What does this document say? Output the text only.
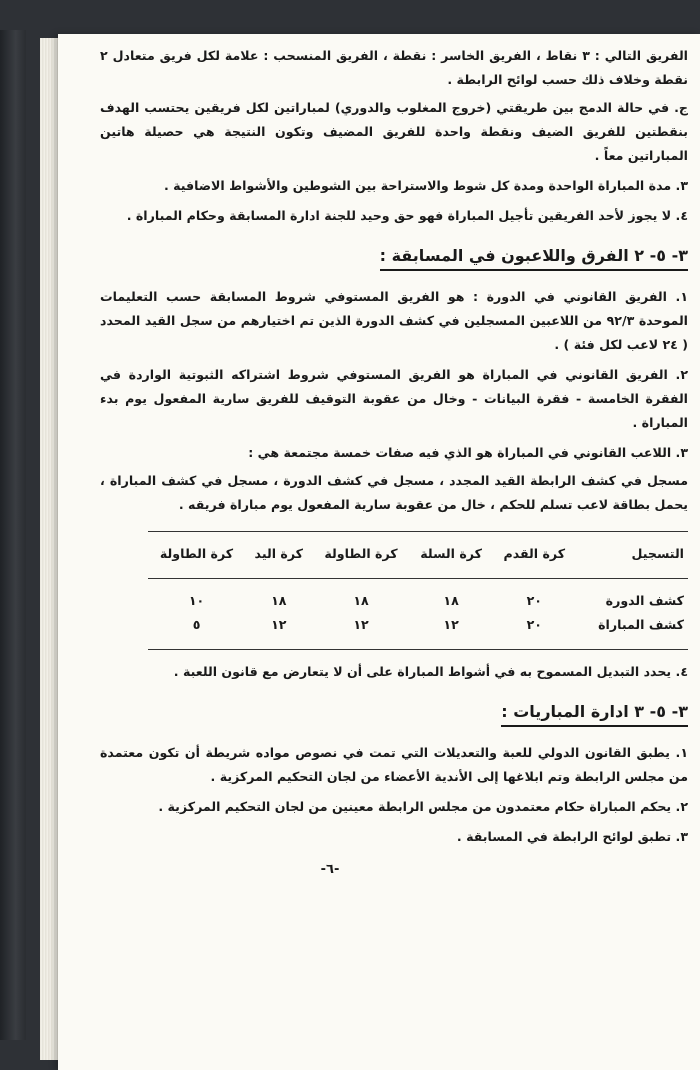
الفريق التالي : ٣ نقاط ، الفريق الخاسر : نقطة ، الفريق المنسحب : علامة لكل فريق متعادل ٢ نقطة وخلاف ذلك حسب لوائح الرابطة .

ج. في حالة الدمج بين طريقتي (خروج المغلوب والدوري) لمباراتين لكل فريقين يحتسب الهدف بنقطتين للفريق الضيف ونقطة واحدة للفريق المضيف وتكون النتيجة هي حصيلة هاتين المباراتين معاً .

٣. مدة المباراة الواحدة ومدة كل شوط والاستراحة بين الشوطين والأشواط الاضافية .

٤. لا يجوز لأحد الفريقين تأجيل المباراة فهو حق وحيد للجنة ادارة المسابقة وحكام المباراة .

٣- ٥- ٢ الفرق واللاعبون في المسابقة :

١. الفريق القانوني في الدورة : هو الفريق المستوفي شروط المسابقة حسب التعليمات الموحدة ٩٢/٣ من اللاعبين المسجلين في كشف الدورة الذين تم اختيارهم من سجل القيد المحدد ( ٢٤ لاعب لكل فئة ) .

٢. الفريق القانوني في المباراة هو الفريق المستوفي شروط اشتراكه الثبوتية الواردة في الفقرة الخامسة - فقرة البيانات - وخال من عقوبة التوقيف للفريق سارية المفعول يوم بدء المباراة .

٣. اللاعب القانوني في المباراة هو الذي فيه صفات خمسة مجتمعة هي :

مسجل في كشف الرابطة القيد المجدد ، مسجل في كشف الدورة ، مسجل في كشف المباراة ، يحمل بطاقة لاعب تسلم للحكم ، خال من عقوبة سارية المفعول يوم مباراة فريقه .

التسجيل	كرة القدم	كرة السلة	كرة الطاولة	كرة اليد	كرة الطاولة
كشف الدورة	٢٠	١٨	١٨	١٨	١٠
كشف المباراة	٢٠	١٢	١٢	١٢	٥

٤. يحدد التبديل المسموح به في أشواط المباراة على أن لا يتعارض مع قانون اللعبة .

٣- ٥- ٣ ادارة المباريات :

١. يطبق القانون الدولي للعبة والتعديلات التي تمت في نصوص مواده شريطة أن تكون معتمدة من مجلس الرابطة وتم ابلاغها إلى الأندية الأعضاء من لجان التحكيم المركزية .

٢. يحكم المباراة حكام معتمدون من مجلس الرابطة معينين من لجان التحكيم المركزية .

٣. تطبق لوائح الرابطة في المسابقة .

-٦-
